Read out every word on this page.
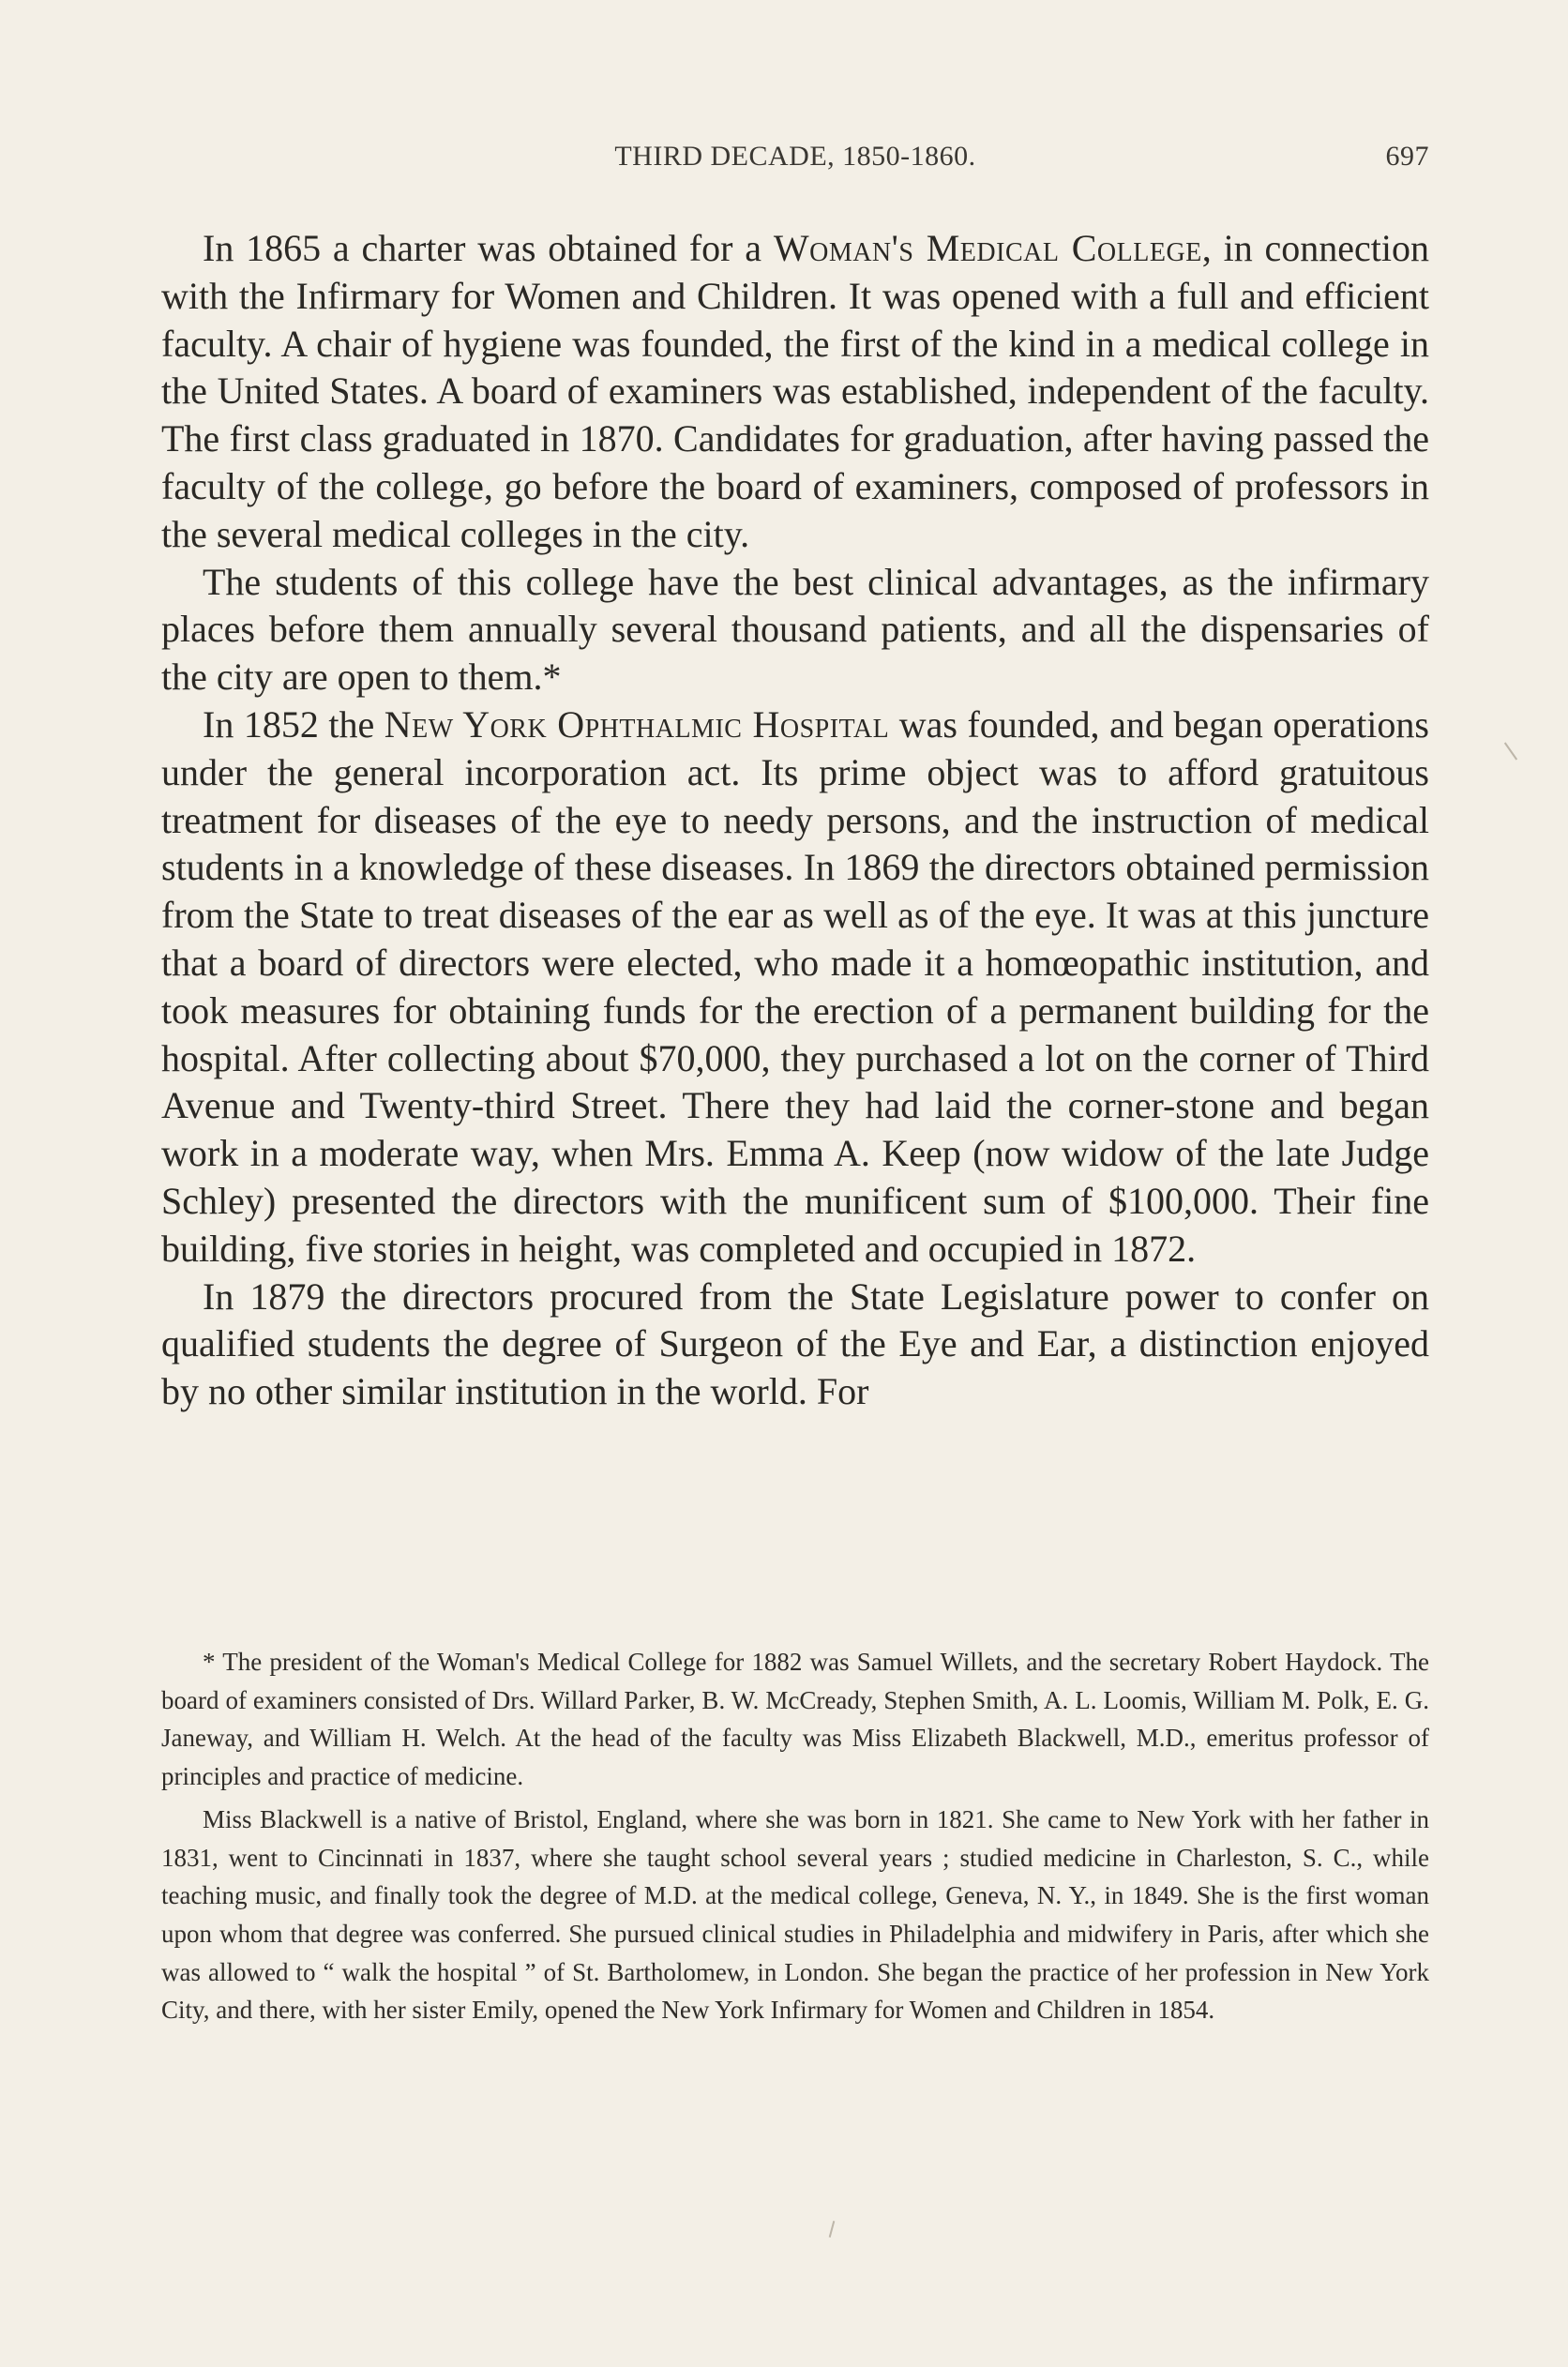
THIRD DECADE, 1850-1860.	697

In 1865 a charter was obtained for a Woman's Medical College, in connection with the Infirmary for Women and Children. It was opened with a full and efficient faculty. A chair of hygiene was founded, the first of the kind in a medical college in the United States. A board of examiners was established, independent of the faculty. The first class graduated in 1870. Candidates for graduation, after having passed the faculty of the college, go before the board of examiners, composed of professors in the several medical colleges in the city.

The students of this college have the best clinical advantages, as the infirmary places before them annually several thousand patients, and all the dispensaries of the city are open to them.*

In 1852 the New York Ophthalmic Hospital was founded, and began operations under the general incorporation act. Its prime object was to afford gratuitous treatment for diseases of the eye to needy persons, and the instruction of medical students in a knowledge of these diseases. In 1869 the directors obtained permission from the State to treat diseases of the ear as well as of the eye. It was at this juncture that a board of directors were elected, who made it a homœopathic institution, and took measures for obtaining funds for the erection of a permanent building for the hospital. After collecting about $70,000, they purchased a lot on the corner of Third Avenue and Twenty-third Street. There they had laid the corner-stone and began work in a moderate way, when Mrs. Emma A. Keep (now widow of the late Judge Schley) presented the directors with the munificent sum of $100,000. Their fine building, five stories in height, was completed and occupied in 1872.

In 1879 the directors procured from the State Legislature power to confer on qualified students the degree of Surgeon of the Eye and Ear, a distinction enjoyed by no other similar institution in the world. For

* The president of the Woman's Medical College for 1882 was Samuel Willets, and the secretary Robert Haydock. The board of examiners consisted of Drs. Willard Parker, B. W. McCready, Stephen Smith, A. L. Loomis, William M. Polk, E. G. Janeway, and William H. Welch. At the head of the faculty was Miss Elizabeth Blackwell, M.D., emeritus professor of principles and practice of medicine.

Miss Blackwell is a native of Bristol, England, where she was born in 1821. She came to New York with her father in 1831, went to Cincinnati in 1837, where she taught school several years ; studied medicine in Charleston, S. C., while teaching music, and finally took the degree of M.D. at the medical college, Geneva, N. Y., in 1849. She is the first woman upon whom that degree was conferred. She pursued clinical studies in Philadelphia and midwifery in Paris, after which she was allowed to “ walk the hospital ” of St. Bartholomew, in London. She began the practice of her profession in New York City, and there, with her sister Emily, opened the New York Infirmary for Women and Children in 1854.
